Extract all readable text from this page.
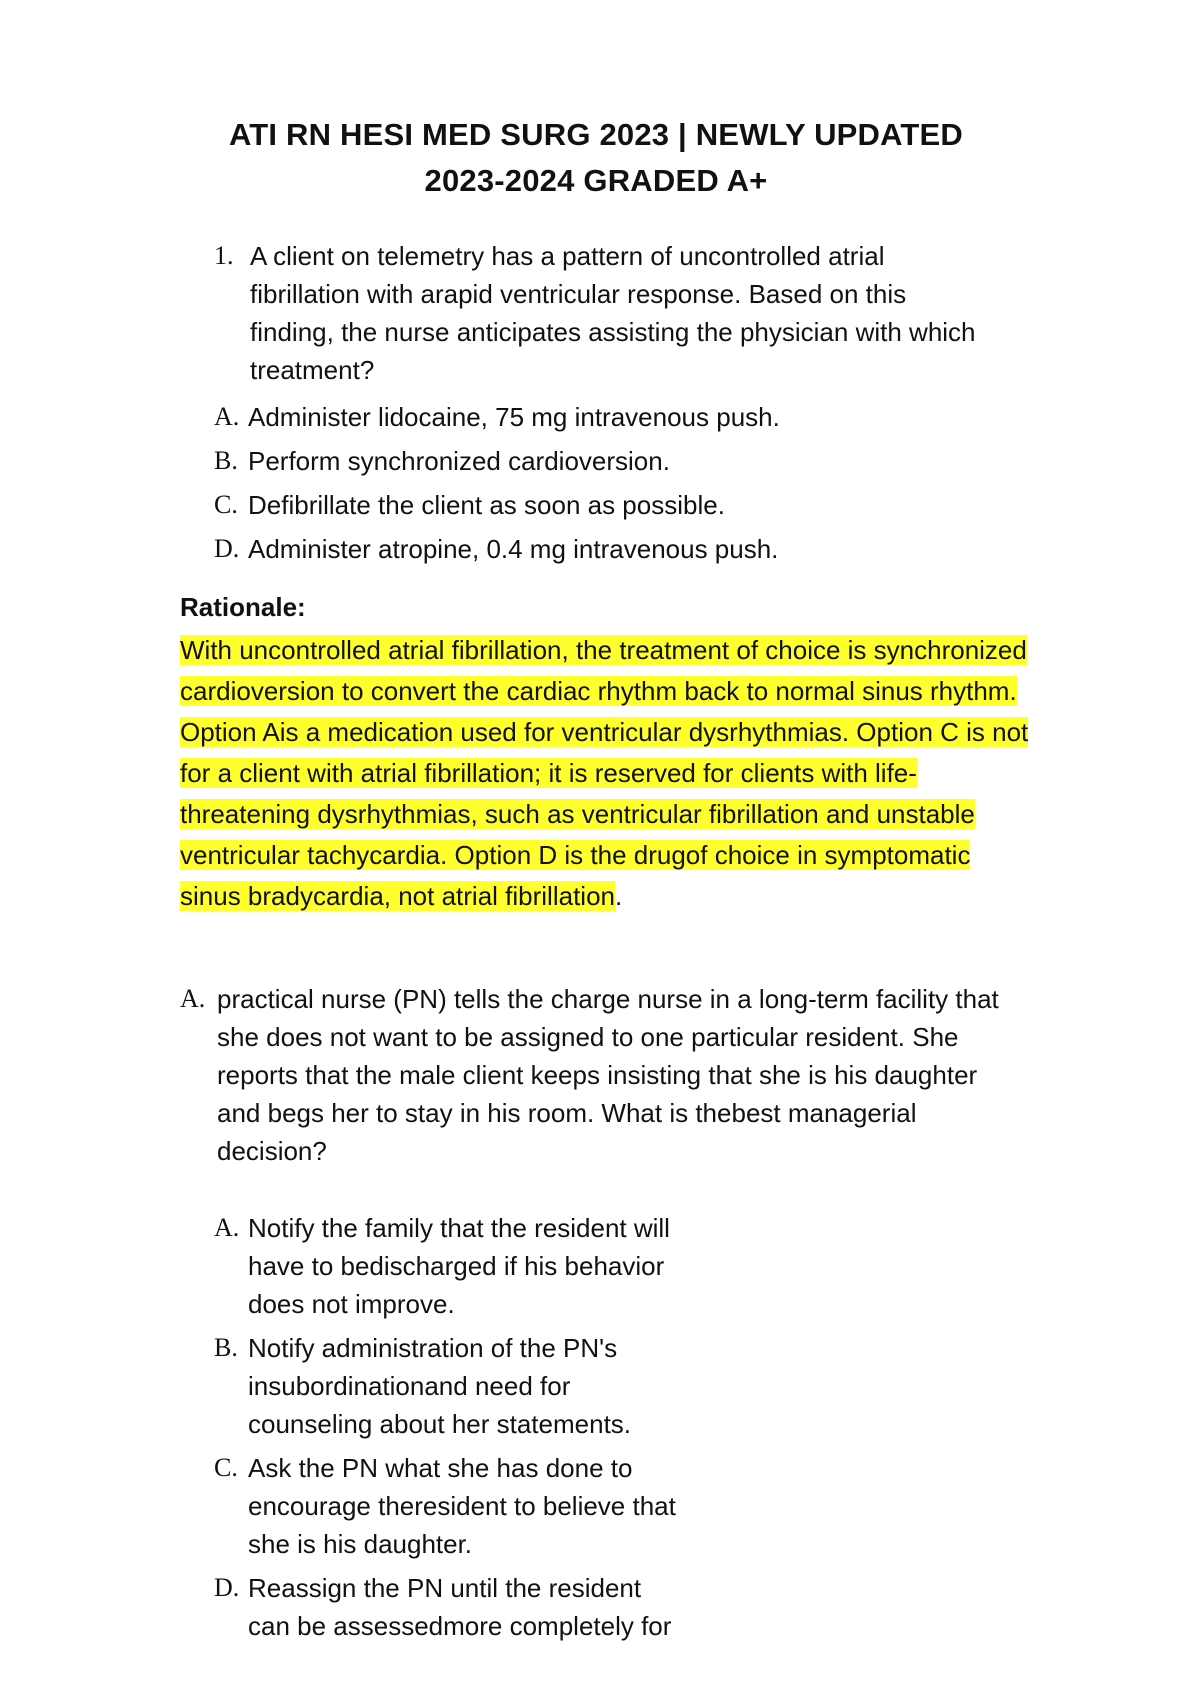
ATI RN HESI MED SURG 2023 | NEWLY UPDATED
2023-2024 GRADED A+
1. A client on telemetry has a pattern of uncontrolled atrial fibrillation with arapid ventricular response. Based on this finding, the nurse anticipates assisting the physician with which treatment?
A. Administer lidocaine, 75 mg intravenous push.
B. Perform synchronized cardioversion.
C. Defibrillate the client as soon as possible.
D. Administer atropine, 0.4 mg intravenous push.
Rationale:
With uncontrolled atrial fibrillation, the treatment of choice is synchronized cardioversion to convert the cardiac rhythm back to normal sinus rhythm. Option Ais a medication used for ventricular dysrhythmias. Option C is not for a client with atrial fibrillation; it is reserved for clients with life-threatening dysrhythmias, such as ventricular fibrillation and unstable ventricular tachycardia. Option D is the drugof choice in symptomatic sinus bradycardia, not atrial fibrillation.
A. practical nurse (PN) tells the charge nurse in a long-term facility that she does not want to be assigned to one particular resident. She reports that the male client keeps insisting that she is his daughter and begs her to stay in his room. What is thebest managerial decision?
A. Notify the family that the resident will have to bedischarged if his behavior does not improve.
B. Notify administration of the PN's insubordinationand need for counseling about her statements.
C. Ask the PN what she has done to encourage theresident to believe that she is his daughter.
D. Reassign the PN until the resident can be assessedmore completely for
